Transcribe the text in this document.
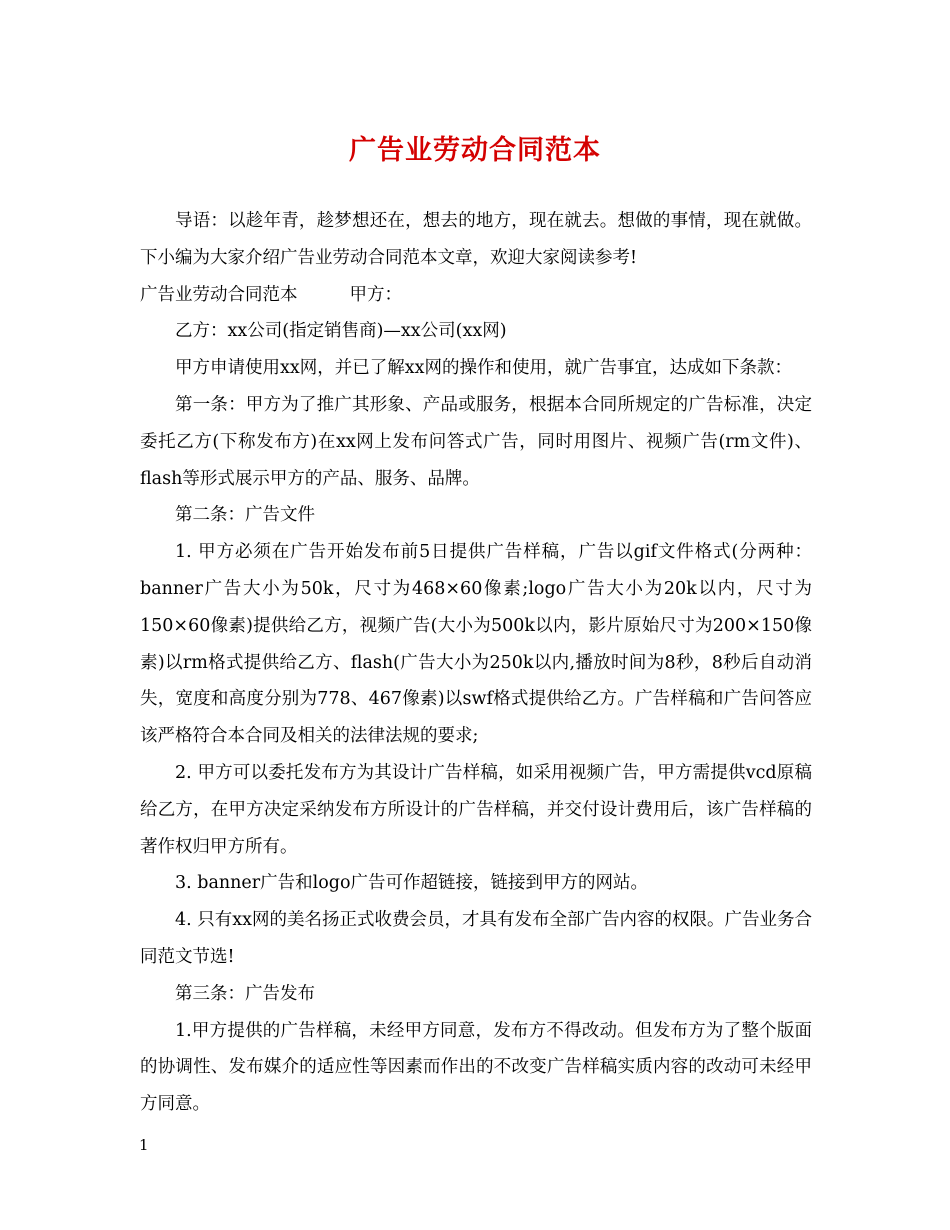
广告业劳动合同范本

导语：以趁年青，趁梦想还在，想去的地方，现在就去。想做的事情，现在就做。下小编为大家介绍广告业劳动合同范本文章，欢迎大家阅读参考!

广告业劳动合同范本	甲方：

乙方：xx公司(指定销售商)—xx公司(xx网)

甲方申请使用xx网，并已了解xx网的操作和使用，就广告事宜，达成如下条款：

第一条：甲方为了推广其形象、产品或服务，根据本合同所规定的广告标准，决定委托乙方(下称发布方)在xx网上发布问答式广告，同时用图片、视频广告(rm文件)、flash等形式展示甲方的产品、服务、品牌。

第二条：广告文件

1. 甲方必须在广告开始发布前5日提供广告样稿，广告以gif文件格式(分两种：banner广告大小为50k，尺寸为468×60像素;logo广告大小为20k以内，尺寸为150×60像素)提供给乙方，视频广告(大小为500k以内，影片原始尺寸为200×150像素)以rm格式提供给乙方、flash(广告大小为250k以内,播放时间为8秒，8秒后自动消失，宽度和高度分别为778、467像素)以swf格式提供给乙方。广告样稿和广告问答应该严格符合本合同及相关的法律法规的要求;

2. 甲方可以委托发布方为其设计广告样稿，如采用视频广告，甲方需提供vcd原稿给乙方，在甲方决定采纳发布方所设计的广告样稿，并交付设计费用后，该广告样稿的著作权归甲方所有。

3. banner广告和logo广告可作超链接，链接到甲方的网站。

4. 只有xx网的美名扬正式收费会员，才具有发布全部广告内容的权限。广告业务合同范文节选!

第三条：广告发布

1.甲方提供的广告样稿，未经甲方同意，发布方不得改动。但发布方为了整个版面的协调性、发布媒介的适应性等因素而作出的不改变广告样稿实质内容的改动可未经甲方同意。

1
